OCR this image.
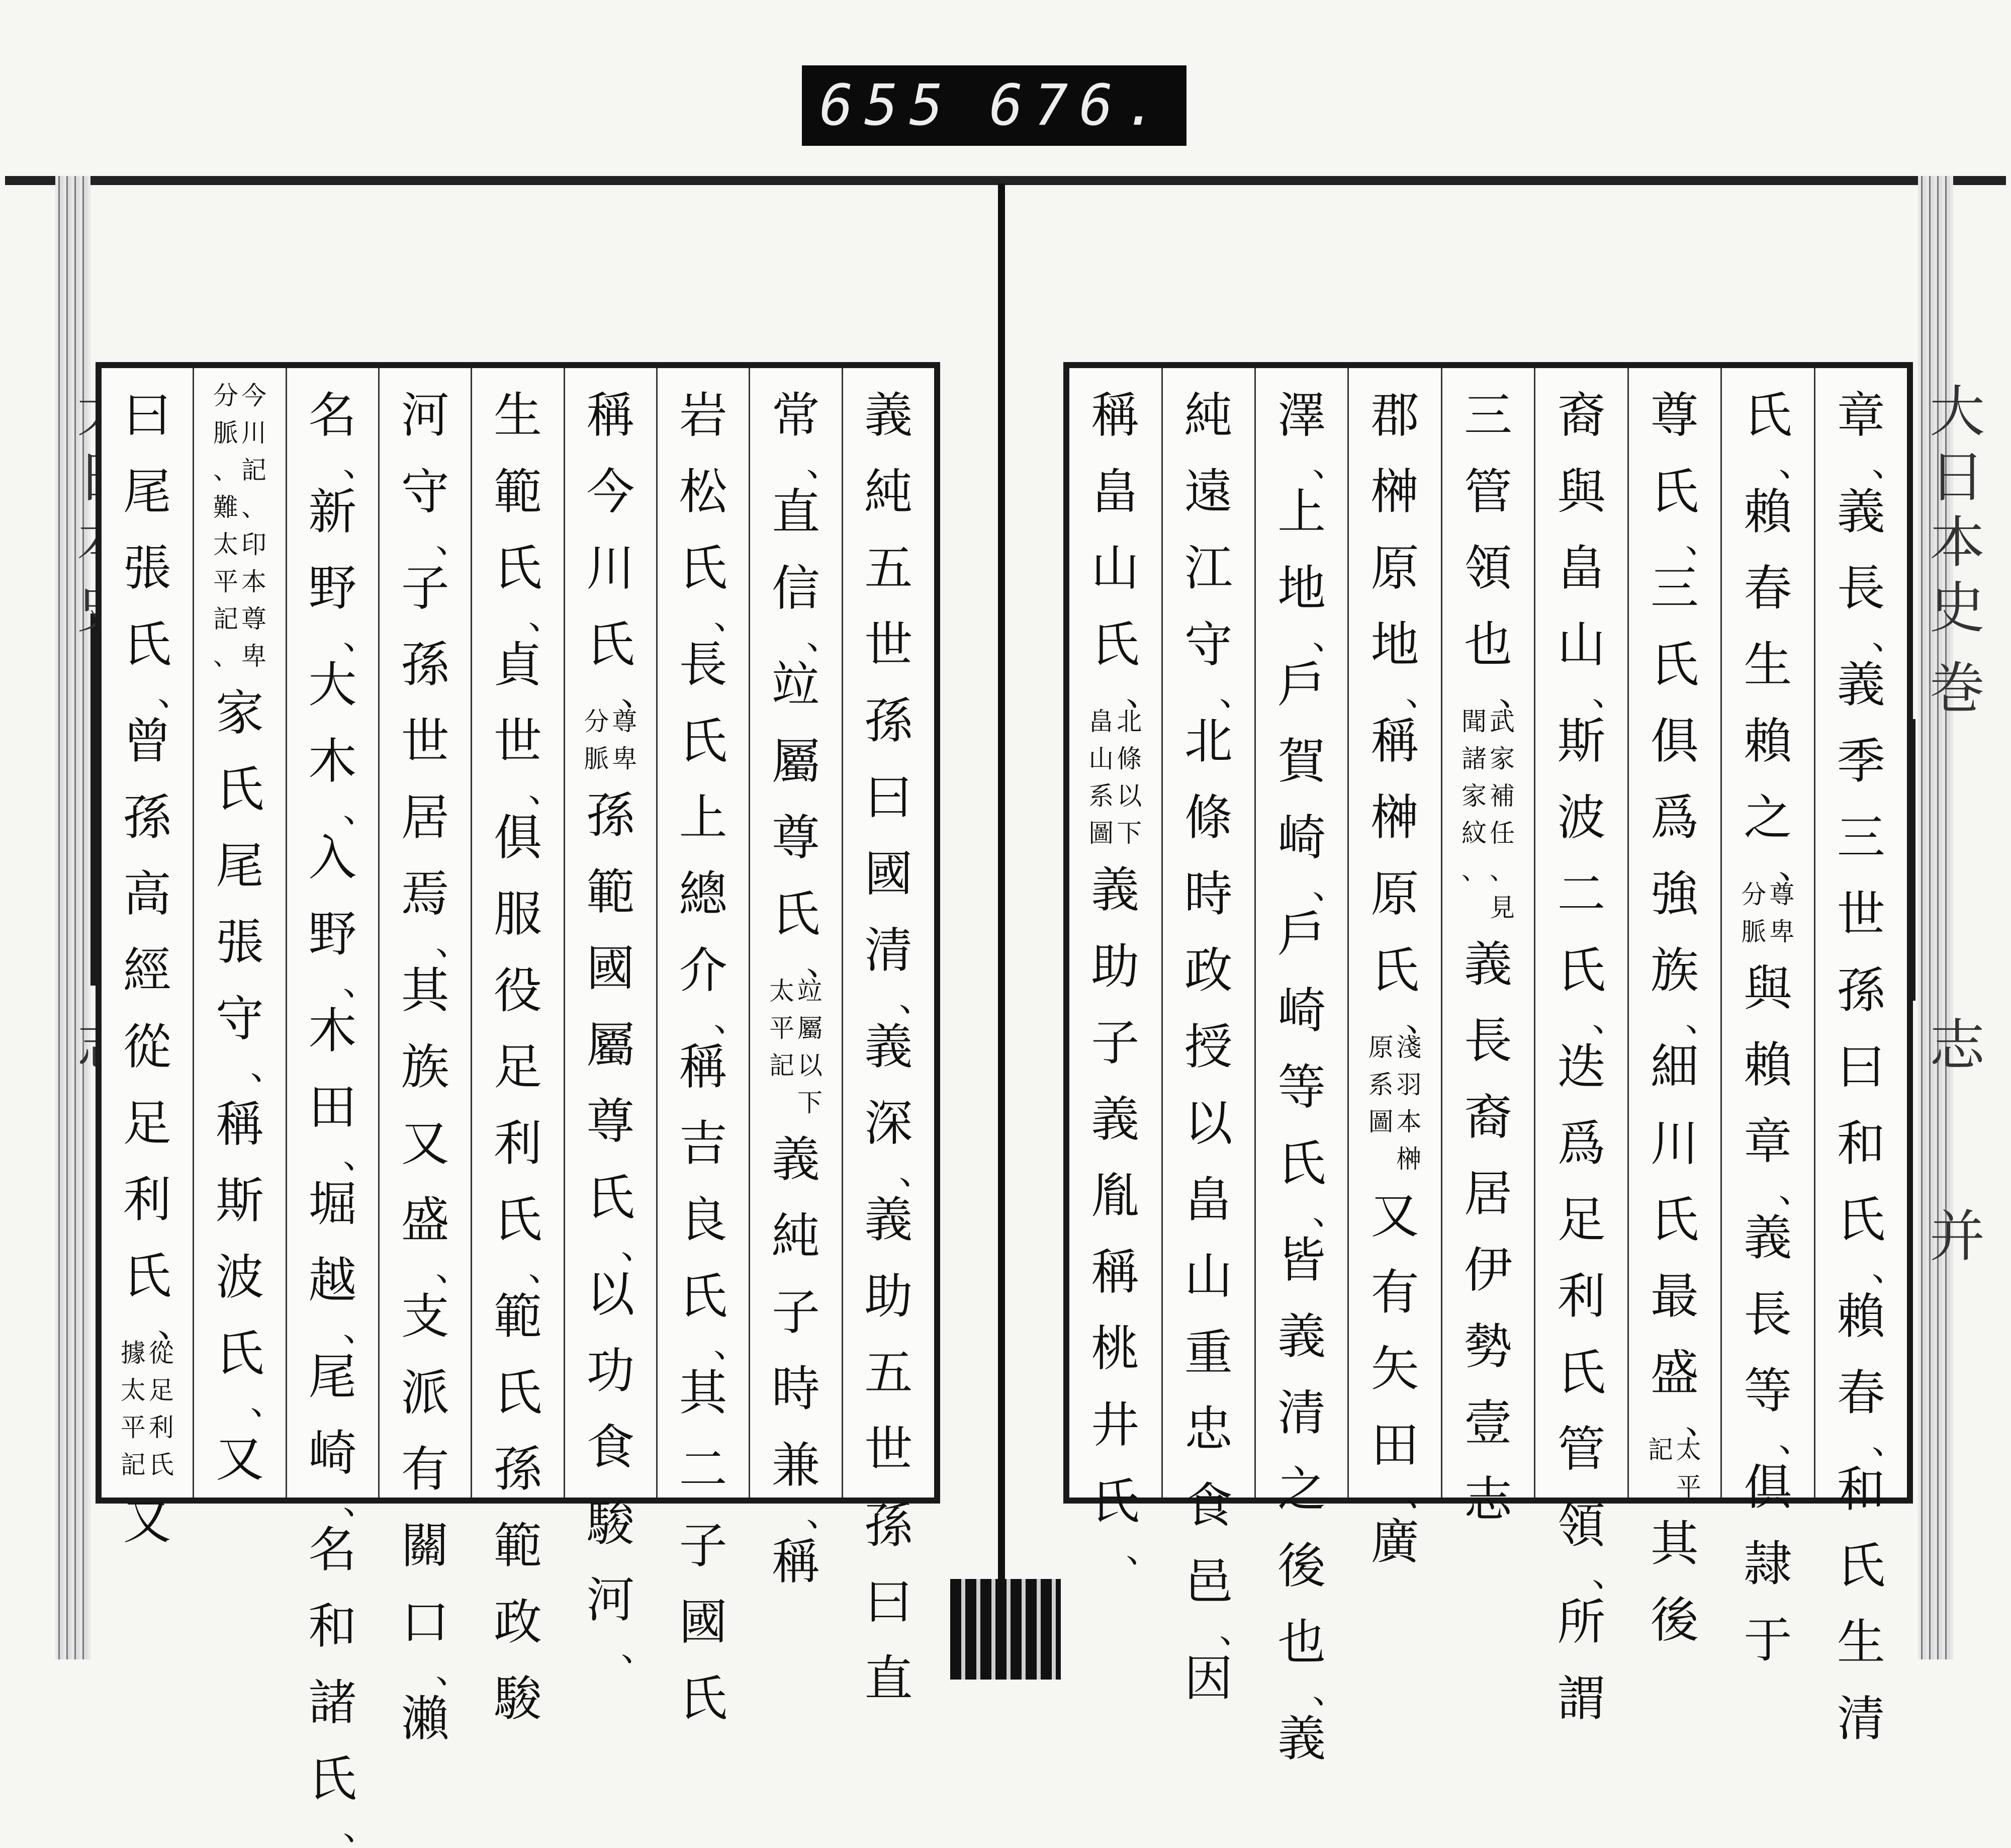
655 676.
大日本史
巻
志
并
義
純
五
世
孫
曰
國
清
、
義
深
、
義
助
五
世
孫
曰
直
常
、
直
信
、
竝
屬
尊
氏
、
竝
屬
以
下
太
平
記
義
純
子
時
兼
、
稱
岩
松
氏
、
長
氏
上
總
介
、
稱
吉
良
氏
、
其
二
子
國
氏
稱
今
川
氏
、
尊
卑
分
脈
孫
範
國
屬
尊
氏
、
以
功
食
駿
河
、
生
範
氏
、
貞
世
、
俱
服
役
足
利
氏
、
範
氏
孫
範
政
駿
河
守
、
子
孫
世
居
焉
、
其
族
又
盛
、
支
派
有
關
口
、
瀨
名
、
新
野
、
大
木
、
入
野
、
木
田
、
堀
越
、
尾
崎
、
名
和
諸
氏
、
今
川
記
、
印
本
尊
卑
分
脈
、
難
太
平
記
、
家
氏
尾
張
守
、
稱
斯
波
氏
、
又
曰
尾
張
氏
、
曾
孫
高
經
從
足
利
氏
、
從
足
利
氏
據
太
平
記
又
章
、
義
長
、
義
季
三
世
孫
曰
和
氏
、
賴
春
、
和
氏
生
清
氏
、
賴
春
生
賴
之
、
尊
卑
分
脈
與
賴
章
、
義
長
等
、
俱
隷
于
尊
氏
、
三
氏
俱
爲
強
族
、
細
川
氏
最
盛
、
太
平
記
其
後
裔
與
畠
山
、
斯
波
二
氏
、
迭
爲
足
利
氏
管
領
、
所
謂
三
管
領
也
、
武
家
補
任
、
見
聞
諸
家
紋
、
義
長
裔
居
伊
勢
壹
志
郡
榊
原
地
、
稱
榊
原
氏
、
淺
羽
本
榊
原
系
圖
又
有
矢
田
、
廣
澤
、
上
地
、
戶
賀
崎
、
戶
崎
等
氏
、
皆
義
清
之
後
也
、
義
純
遠
江
守
、
北
條
時
政
授
以
畠
山
重
忠
食
邑
、
因
稱
畠
山
氏
、
北
條
以
下
畠
山
系
圖
義
助
子
義
胤
稱
桃
井
氏
、
